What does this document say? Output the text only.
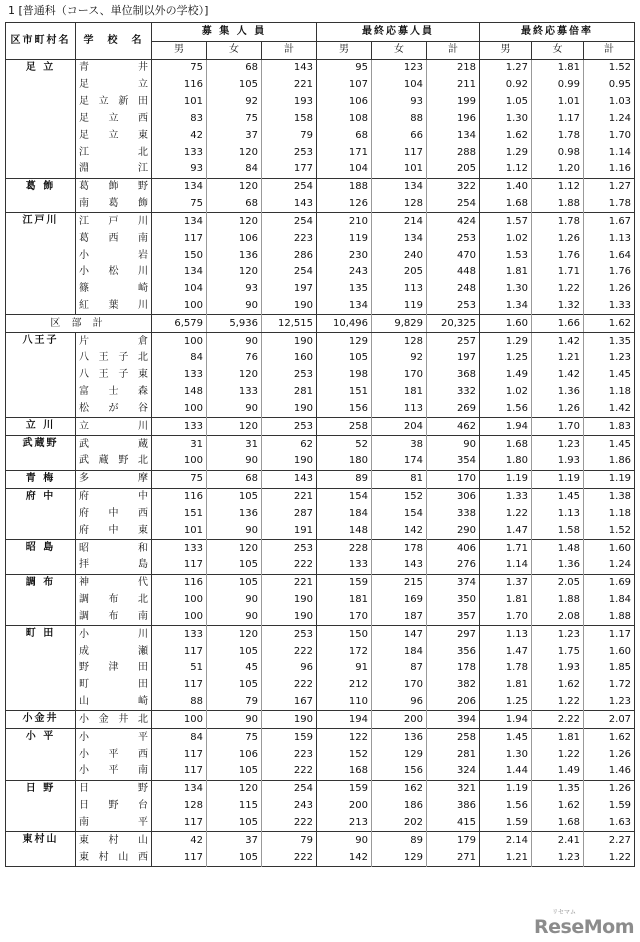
1 [普通科（コース、単位制以外の学校）]
区市町村名	学　校　名	募 集 人 員			最終応募人員			最終応募倍率		
		男	女	計	男	女	計	男	女	計
足 立	青 井	75	68	143	95	123	218	1.27	1.81	1.52

	足 立	116	105	221	107	104	211	0.92	0.99	0.95

	足 立 新 田	101	92	193	106	93	199	1.05	1.01	1.03

	足 立 西	83	75	158	108	88	196	1.30	1.17	1.24

	足 立 東	42	37	79	68	66	134	1.62	1.78	1.70

	江 北	133	120	253	171	117	288	1.29	0.98	1.14

	淵 江	93	84	177	104	101	205	1.12	1.20	1.16
葛 飾	葛 飾 野	134	120	254	188	134	322	1.40	1.12	1.27

	南 葛 飾	75	68	143	126	128	254	1.68	1.88	1.78
江戸川	江 戸 川	134	120	254	210	214	424	1.57	1.78	1.67

	葛 西 南	117	106	223	119	134	253	1.02	1.26	1.13

	小 岩	150	136	286	230	240	470	1.53	1.76	1.64

	小 松 川	134	120	254	243	205	448	1.81	1.71	1.76

	篠 崎	104	93	197	135	113	248	1.30	1.22	1.26

	紅 葉 川	100	90	190	134	119	253	1.34	1.32	1.33
区 部 計		6,579	5,936	12,515	10,496	9,829	20,325	1.60	1.66	1.62
八王子	片 倉	100	90	190	129	128	257	1.29	1.42	1.35

	八 王 子 北	84	76	160	105	92	197	1.25	1.21	1.23

	八 王 子 東	133	120	253	198	170	368	1.49	1.42	1.45

	富 士 森	148	133	281	151	181	332	1.02	1.36	1.18

	松 が 谷	100	90	190	156	113	269	1.56	1.26	1.42
立 川	立 川	133	120	253	258	204	462	1.94	1.70	1.83
武蔵野	武 蔵	31	31	62	52	38	90	1.68	1.23	1.45

	武 蔵 野 北	100	90	190	180	174	354	1.80	1.93	1.86
青 梅	多 摩	75	68	143	89	81	170	1.19	1.19	1.19
府 中	府 中	116	105	221	154	152	306	1.33	1.45	1.38

	府 中 西	151	136	287	184	154	338	1.22	1.13	1.18

	府 中 東	101	90	191	148	142	290	1.47	1.58	1.52
昭 島	昭 和	133	120	253	228	178	406	1.71	1.48	1.60

	拝 島	117	105	222	133	143	276	1.14	1.36	1.24
調 布	神 代	116	105	221	159	215	374	1.37	2.05	1.69

	調 布 北	100	90	190	181	169	350	1.81	1.88	1.84

	調 布 南	100	90	190	170	187	357	1.70	2.08	1.88
町 田	小 川	133	120	253	150	147	297	1.13	1.23	1.17

	成 瀬	117	105	222	172	184	356	1.47	1.75	1.60

	野 津 田	51	45	96	91	87	178	1.78	1.93	1.85

	町 田	117	105	222	212	170	382	1.81	1.62	1.72

	山 崎	88	79	167	110	96	206	1.25	1.22	1.23
小金井	小 金 井 北	100	90	190	194	200	394	1.94	2.22	2.07
小 平	小 平	84	75	159	122	136	258	1.45	1.81	1.62

	小 平 西	117	106	223	152	129	281	1.30	1.22	1.26

	小 平 南	117	105	222	168	156	324	1.44	1.49	1.46
日 野	日 野	134	120	254	159	162	321	1.19	1.35	1.26

	日 野 台	128	115	243	200	186	386	1.56	1.62	1.59

	南 平	117	105	222	213	202	415	1.59	1.68	1.63
東村山	東 村 山	42	37	79	90	89	179	2.14	2.41	2.27

	東 村 山 西	117	105	222	142	129	271	1.21	1.23	1.22
リセマム
ReseMom
